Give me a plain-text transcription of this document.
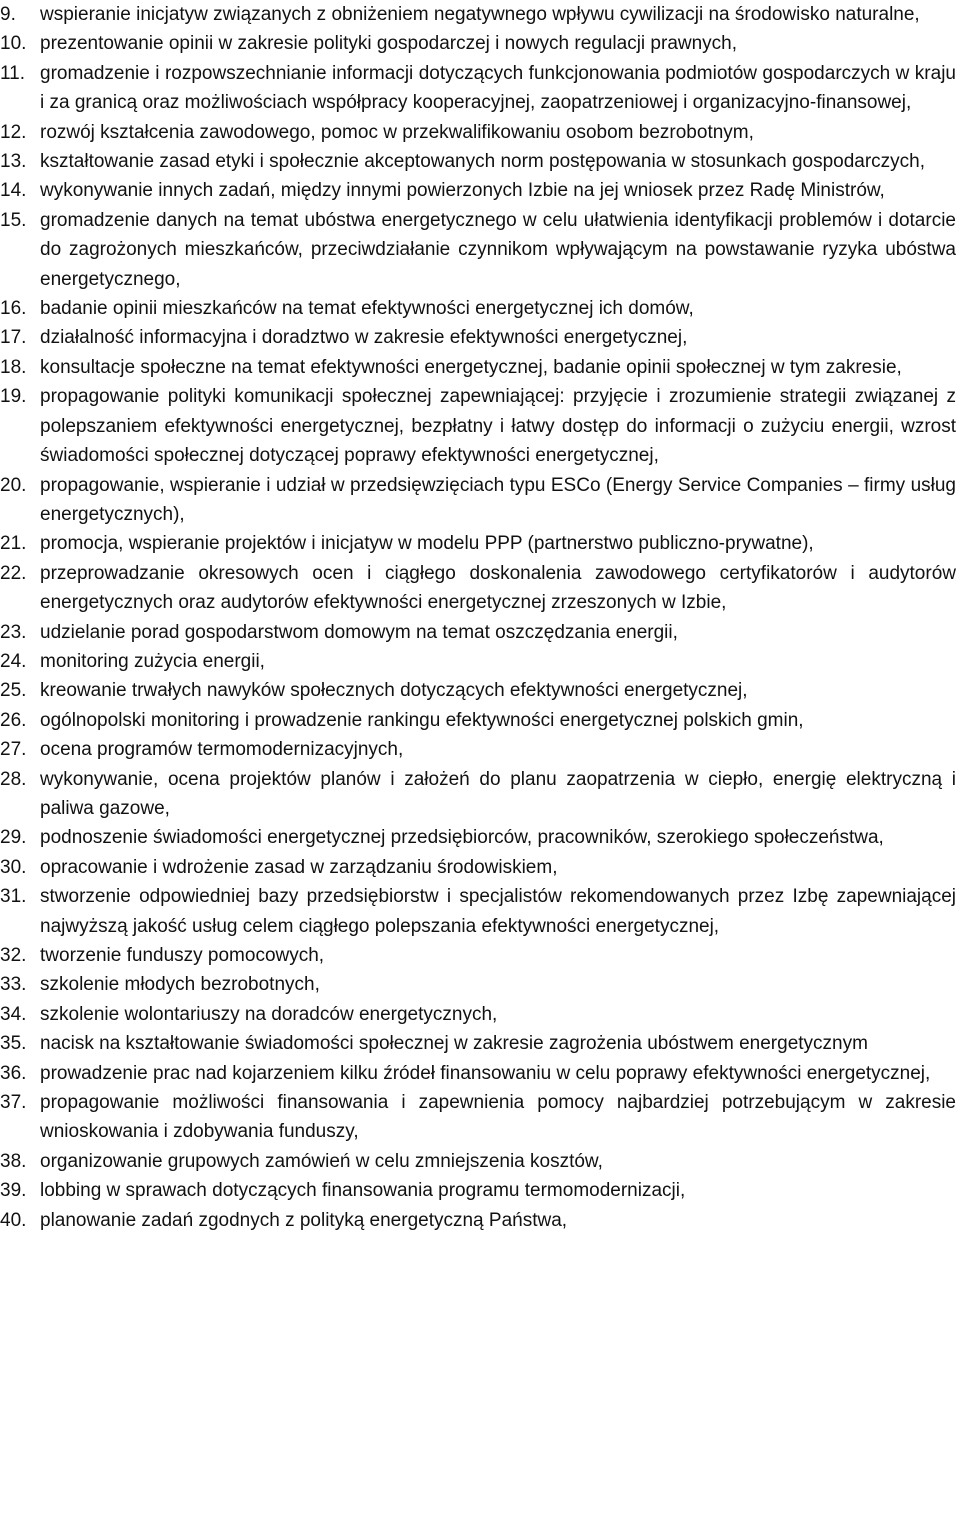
9.	wspieranie inicjatyw związanych z obniżeniem negatywnego wpływu cywilizacji na środowisko naturalne,
10. prezentowanie opinii w zakresie polityki gospodarczej i nowych regulacji prawnych,
11. gromadzenie i rozpowszechnianie informacji dotyczących funkcjonowania podmiotów gospodarczych w kraju i za granicą oraz możliwościach współpracy kooperacyjnej, zaopatrzeniowej i organizacyjno-finansowej,
12. rozwój kształcenia zawodowego, pomoc w przekwalifikowaniu osobom bezrobotnym,
13. kształtowanie zasad etyki i społecznie akceptowanych norm postępowania w stosunkach gospodarczych,
14. wykonywanie innych zadań, między innymi powierzonych Izbie na jej wniosek przez Radę Ministrów,
15. gromadzenie danych na temat ubóstwa energetycznego w celu ułatwienia identyfikacji problemów i dotarcie do zagrożonych mieszkańców, przeciwdziałanie czynnikom wpływającym na powstawanie ryzyka ubóstwa energetycznego,
16. badanie opinii mieszkańców na temat efektywności energetycznej ich domów,
17. działalność informacyjna i doradztwo w zakresie efektywności energetycznej,
18. konsultacje społeczne na temat efektywności energetycznej, badanie opinii społecznej w tym zakresie,
19. propagowanie polityki komunikacji społecznej zapewniającej: przyjęcie i zrozumienie strategii związanej z polepszaniem efektywności energetycznej, bezpłatny i łatwy dostęp do informacji o zużyciu energii, wzrost świadomości społecznej dotyczącej poprawy efektywności energetycznej,
20. propagowanie, wspieranie i udział w przedsięwzięciach typu ESCo (Energy Service Companies – firmy usług energetycznych),
21. promocja, wspieranie projektów i inicjatyw w modelu PPP (partnerstwo publiczno-prywatne),
22. przeprowadzanie okresowych ocen i ciągłego doskonalenia zawodowego certyfikatorów i audytorów energetycznych oraz audytorów efektywności energetycznej zrzeszonych w Izbie,
23. udzielanie porad gospodarstwom domowym na temat oszczędzania energii,
24. monitoring zużycia energii,
25. kreowanie trwałych nawyków społecznych dotyczących efektywności energetycznej,
26. ogólnopolski monitoring i prowadzenie rankingu efektywności energetycznej polskich gmin,
27. ocena programów termomodernizacyjnych,
28. wykonywanie, ocena projektów planów i założeń do planu zaopatrzenia w ciepło, energię elektryczną i paliwa gazowe,
29. podnoszenie świadomości energetycznej przedsiębiorców, pracowników, szerokiego społeczeństwa,
30. opracowanie i wdrożenie zasad w zarządzaniu środowiskiem,
31. stworzenie odpowiedniej bazy przedsiębiorstw i specjalistów rekomendowanych przez Izbę zapewniającej najwyższą jakość usług celem ciągłego polepszania efektywności energetycznej,
32. tworzenie funduszy pomocowych,
33. szkolenie młodych bezrobotnych,
34. szkolenie wolontariuszy na doradców energetycznych,
35. nacisk na kształtowanie świadomości społecznej w zakresie zagrożenia ubóstwem energetycznym
36. prowadzenie prac nad kojarzeniem kilku źródeł finansowaniu w celu poprawy efektywności energetycznej,
37. propagowanie możliwości finansowania i zapewnienia pomocy najbardziej potrzebującym w zakresie wnioskowania i zdobywania funduszy,
38. organizowanie grupowych zamówień w celu zmniejszenia kosztów,
39. lobbing w sprawach dotyczących finansowania programu termomodernizacji,
40. planowanie zadań zgodnych z polityką energetyczną Państwa,
